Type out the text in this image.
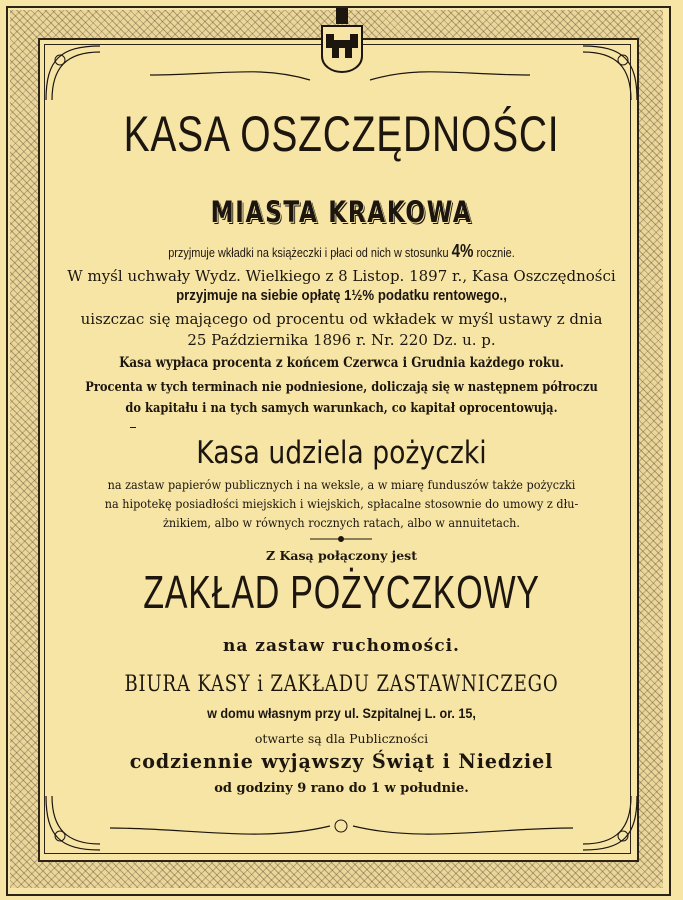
KASA OSZCZĘDNOŚCI
MIASTA KRAKOWA
przyjmuje wkładki na książeczki i płaci od nich w stosunku 4% rocznie.
W myśl uchwały Wydz. Wielkiego z 8 Listop. 1897 r., Kasa Oszczędności
przyjmuje na siebie opłatę 1½% podatku rentowego.,
uiszczac się mającego od procentu od wkładek w myśl ustawy z dnia
25 Października 1896 r. Nr. 220 Dz. u. p.
Kasa wypłaca procenta z końcem Czerwca i Grudnia każdego roku.
Procenta w tych terminach nie podniesione, doliczają się w następnem półroczu
do kapitału i na tych samych warunkach, co kapitał oprocentowują.
Kasa udziela pożyczki
na zastaw papierów publicznych i na weksle, a w miarę funduszów także pożyczki
na hipotekę posiadłości miejskich i wiejskich, spłacalne stosownie do umowy z dłu-
żnikiem, albo w równych rocznych ratach, albo w annuitetach.
Z Kasą połączony jest
ZAKŁAD POŻYCZKOWY
na zastaw ruchomości.
BIURA KASY i ZAKŁADU ZASTAWNICZEGO
w domu własnym przy ul. Szpitalnej L. or. 15,
otwarte są dla Publiczności
codziennie wyjąwszy Świąt i Niedziel
od godziny 9 rano do 1 w południe.
